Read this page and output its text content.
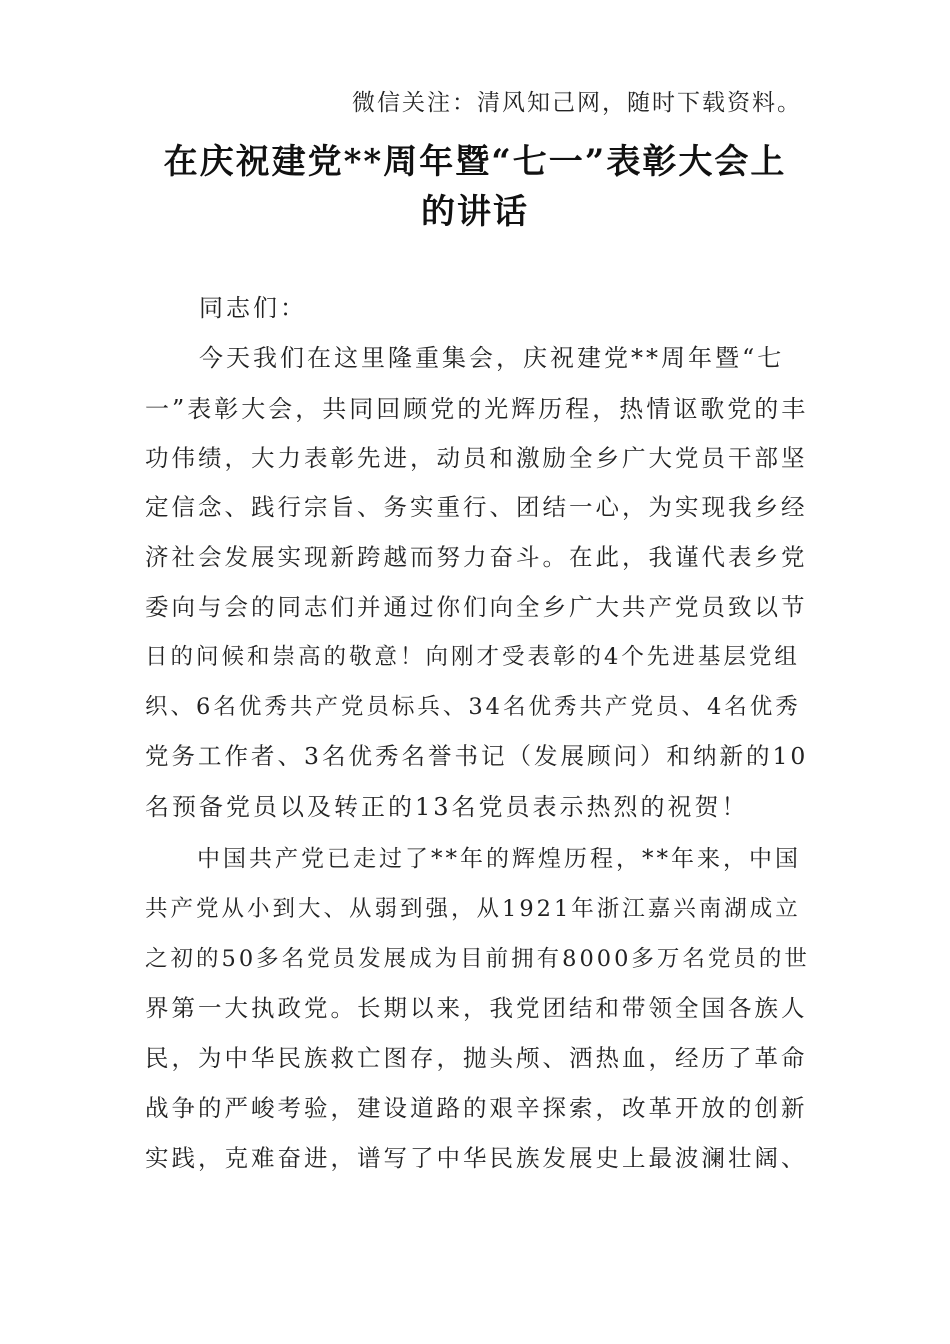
微信关注：清风知己网，随时下载资料。
在庆祝建党**周年暨“七一”表彰大会上
的讲话
　　同志们：
　　今天我们在这里隆重集会，庆祝建党**周年暨“七
一”表彰大会，共同回顾党的光辉历程，热情讴歌党的丰
功伟绩，大力表彰先进，动员和激励全乡广大党员干部坚
定信念、践行宗旨、务实重行、团结一心，为实现我乡经
济社会发展实现新跨越而努力奋斗。在此，我谨代表乡党
委向与会的同志们并通过你们向全乡广大共产党员致以节
日的问候和崇高的敬意！向刚才受表彰的4个先进基层党组
织、6名优秀共产党员标兵、34名优秀共产党员、4名优秀
党务工作者、3名优秀名誉书记（发展顾问）和纳新的10
名预备党员以及转正的13名党员表示热烈的祝贺！
　　中国共产党已走过了**年的辉煌历程，**年来，中国
共产党从小到大、从弱到强，从1921年浙江嘉兴南湖成立
之初的50多名党员发展成为目前拥有8000多万名党员的世
界第一大执政党。长期以来，我党团结和带领全国各族人
民，为中华民族救亡图存，抛头颅、洒热血，经历了革命
战争的严峻考验，建设道路的艰辛探索，改革开放的创新
实践，克难奋进，谱写了中华民族发展史上最波澜壮阔、
